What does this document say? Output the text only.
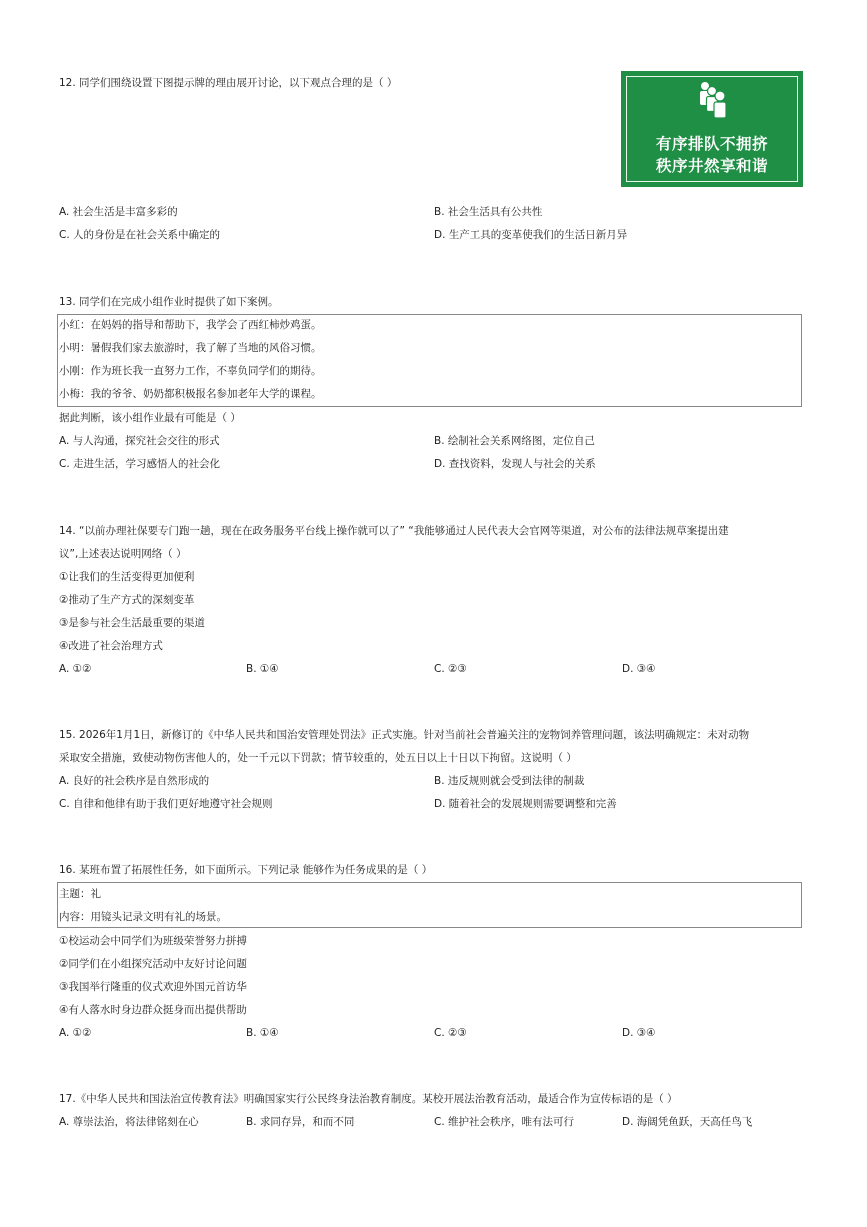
12. 同学们围绕设置下图提示牌的理由展开讨论，以下观点合理的是（ ）
有序排队不拥挤
秩序井然享和谐
A. 社会生活是丰富多彩的	B. 社会生活具有公共性
C. 人的身份是在社会关系中确定的	D. 生产工具的变革使我们的生活日新月异
13. 同学们在完成小组作业时提供了如下案例。
小红：在妈妈的指导和帮助下，我学会了西红柿炒鸡蛋。
小明：暑假我们家去旅游时，我了解了当地的风俗习惯。
小刚：作为班长我一直努力工作，不辜负同学们的期待。
小梅：我的爷爷、奶奶都积极报名参加老年大学的课程。
据此判断，该小组作业最有可能是（ ）
A. 与人沟通，探究社会交往的形式	B. 绘制社会关系网络图，定位自己
C. 走进生活，学习感悟人的社会化	D. 查找资料，发现人与社会的关系
14. “以前办理社保要专门跑一趟，现在在政务服务平台线上操作就可以了” “我能够通过人民代表大会官网等渠道，对公布的法律法规草案提出建
议”,上述表达说明网络（ ）
①让我们的生活变得更加便利
②推动了生产方式的深刻变革
③是参与社会生活最重要的渠道
④改进了社会治理方式
A. ①②	B. ①④	C. ②③	D. ③④
15. 2026年1月1日，新修订的《中华人民共和国治安管理处罚法》正式实施。针对当前社会普遍关注的宠物饲养管理问题，该法明确规定：未对动物
采取安全措施，致使动物伤害他人的，处一千元以下罚款；情节较重的，处五日以上十日以下拘留。这说明（ ）
A. 良好的社会秩序是自然形成的	B. 违反规则就会受到法律的制裁
C. 自律和他律有助于我们更好地遵守社会规则	D. 随着社会的发展规则需要调整和完善
16. 某班布置了拓展性任务，如下面所示。下列记录 能够作为任务成果的是（ ）
主题：礼
内容：用镜头记录文明有礼的场景。
①校运动会中同学们为班级荣誉努力拼搏
②同学们在小组探究活动中友好讨论问题
③我国举行隆重的仪式欢迎外国元首访华
④有人落水时身边群众挺身而出提供帮助
A. ①②	B. ①④	C. ②③	D. ③④
17.《中华人民共和国法治宣传教育法》明确国家实行公民终身法治教育制度。某校开展法治教育活动，最适合作为宣传标语的是（ ）
A. 尊崇法治，将法律铭刻在心	B. 求同存异，和而不同	C. 维护社会秩序，唯有法可行	D. 海阔凭鱼跃，天高任鸟飞
